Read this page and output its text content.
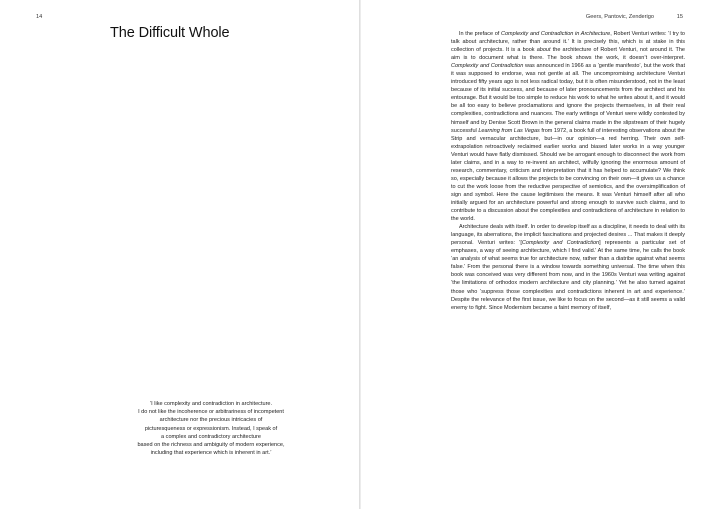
14
The Difficult Whole
‘I like complexity and contradiction in architecture.
I do not like the incoherence or arbitrariness of incompetent
architecture nor the precious intricacies of
picturesqueness or expressionism. Instead, I speak of
a complex and contradictory architecture
based on the richness and ambiguity of modern experience,
including that experience which is inherent in art.’
Geers, Pantovic, Zenderigo	15

In the preface of Complexity and Contradiction in Architecture, Robert Venturi writes: ‘I try to talk about architecture, rather than around it.’ It is precisely this, which is at stake in this collection of projects. It is a book about the architecture of Robert Venturi, not around it. The aim is to document what is there. The book shows the work, it doesn’t over-interpret. Complexity and Contradiction was announced in 1966 as a ‘gentle manifesto’, but the work that it was supposed to endorse, was not gentle at all. The uncompromising architecture Venturi introduced fifty years ago is not less radical today, but it is often misunderstood, not in the least because of its initial success, and because of later pronouncements from the architect and his entourage. But it would be too simple to reduce his work to what he writes about it, and it would be all too easy to believe proclamations and ignore the projects themselves, in all their real complexities, contradictions and nuances. The early writings of Venturi were wildly contested by himself and by Denise Scott Brown in the general claims made in the slipstream of their hugely successful Learning from Las Vegas from 1972, a book full of interesting observations about the Strip and vernacular architecture, but—in our opinion—a red herring. Their own self-extrapolation retroactively reclaimed earlier works and biased later works in a way younger Venturi would have flatly dismissed. Should we be arrogant enough to disconnect the work from later claims, and in a way to re-invent an architect, wilfully ignoring the enormous amount of research, commentary, criticism and interpretation that it has helped to accumulate? We think so, especially because it allows the projects to be convincing on their own—it gives us a chance to cut the work loose from the reductive perspective of semiotics, and the oversimplification of sign and symbol. Here the cause legitimises the means. It was Venturi himself after all who initially argued for an architecture powerful and strong enough to survive such claims, and to contribute to a discussion about the complexities and contradictions of architecture in relation to the world.

Architecture deals with itself. In order to develop itself as a discipline, it needs to deal with its language, its aberrations, the implicit fascinations and projected desires ... That makes it deeply personal. Venturi writes: ‘[Complexity and Contradiction] represents a particular set of emphases, a way of seeing architecture, which I find valid.’ At the same time, he calls the book ‘an analysis of what seems true for architecture now, rather than a diatribe against what seems false.’ From the personal there is a window towards something universal. The time when this book was conceived was very different from now, and in the 1960s Venturi was writing against ‘the limitations of orthodox modern architecture and city planning.’ Yet he also turned against those who ‘suppress those complexities and contradictions inherent in art and experience.’ Despite the relevance of the first issue, we like to focus on the second—as it still seems a valid enemy to fight. Since Modernism became a faint memory of itself,
